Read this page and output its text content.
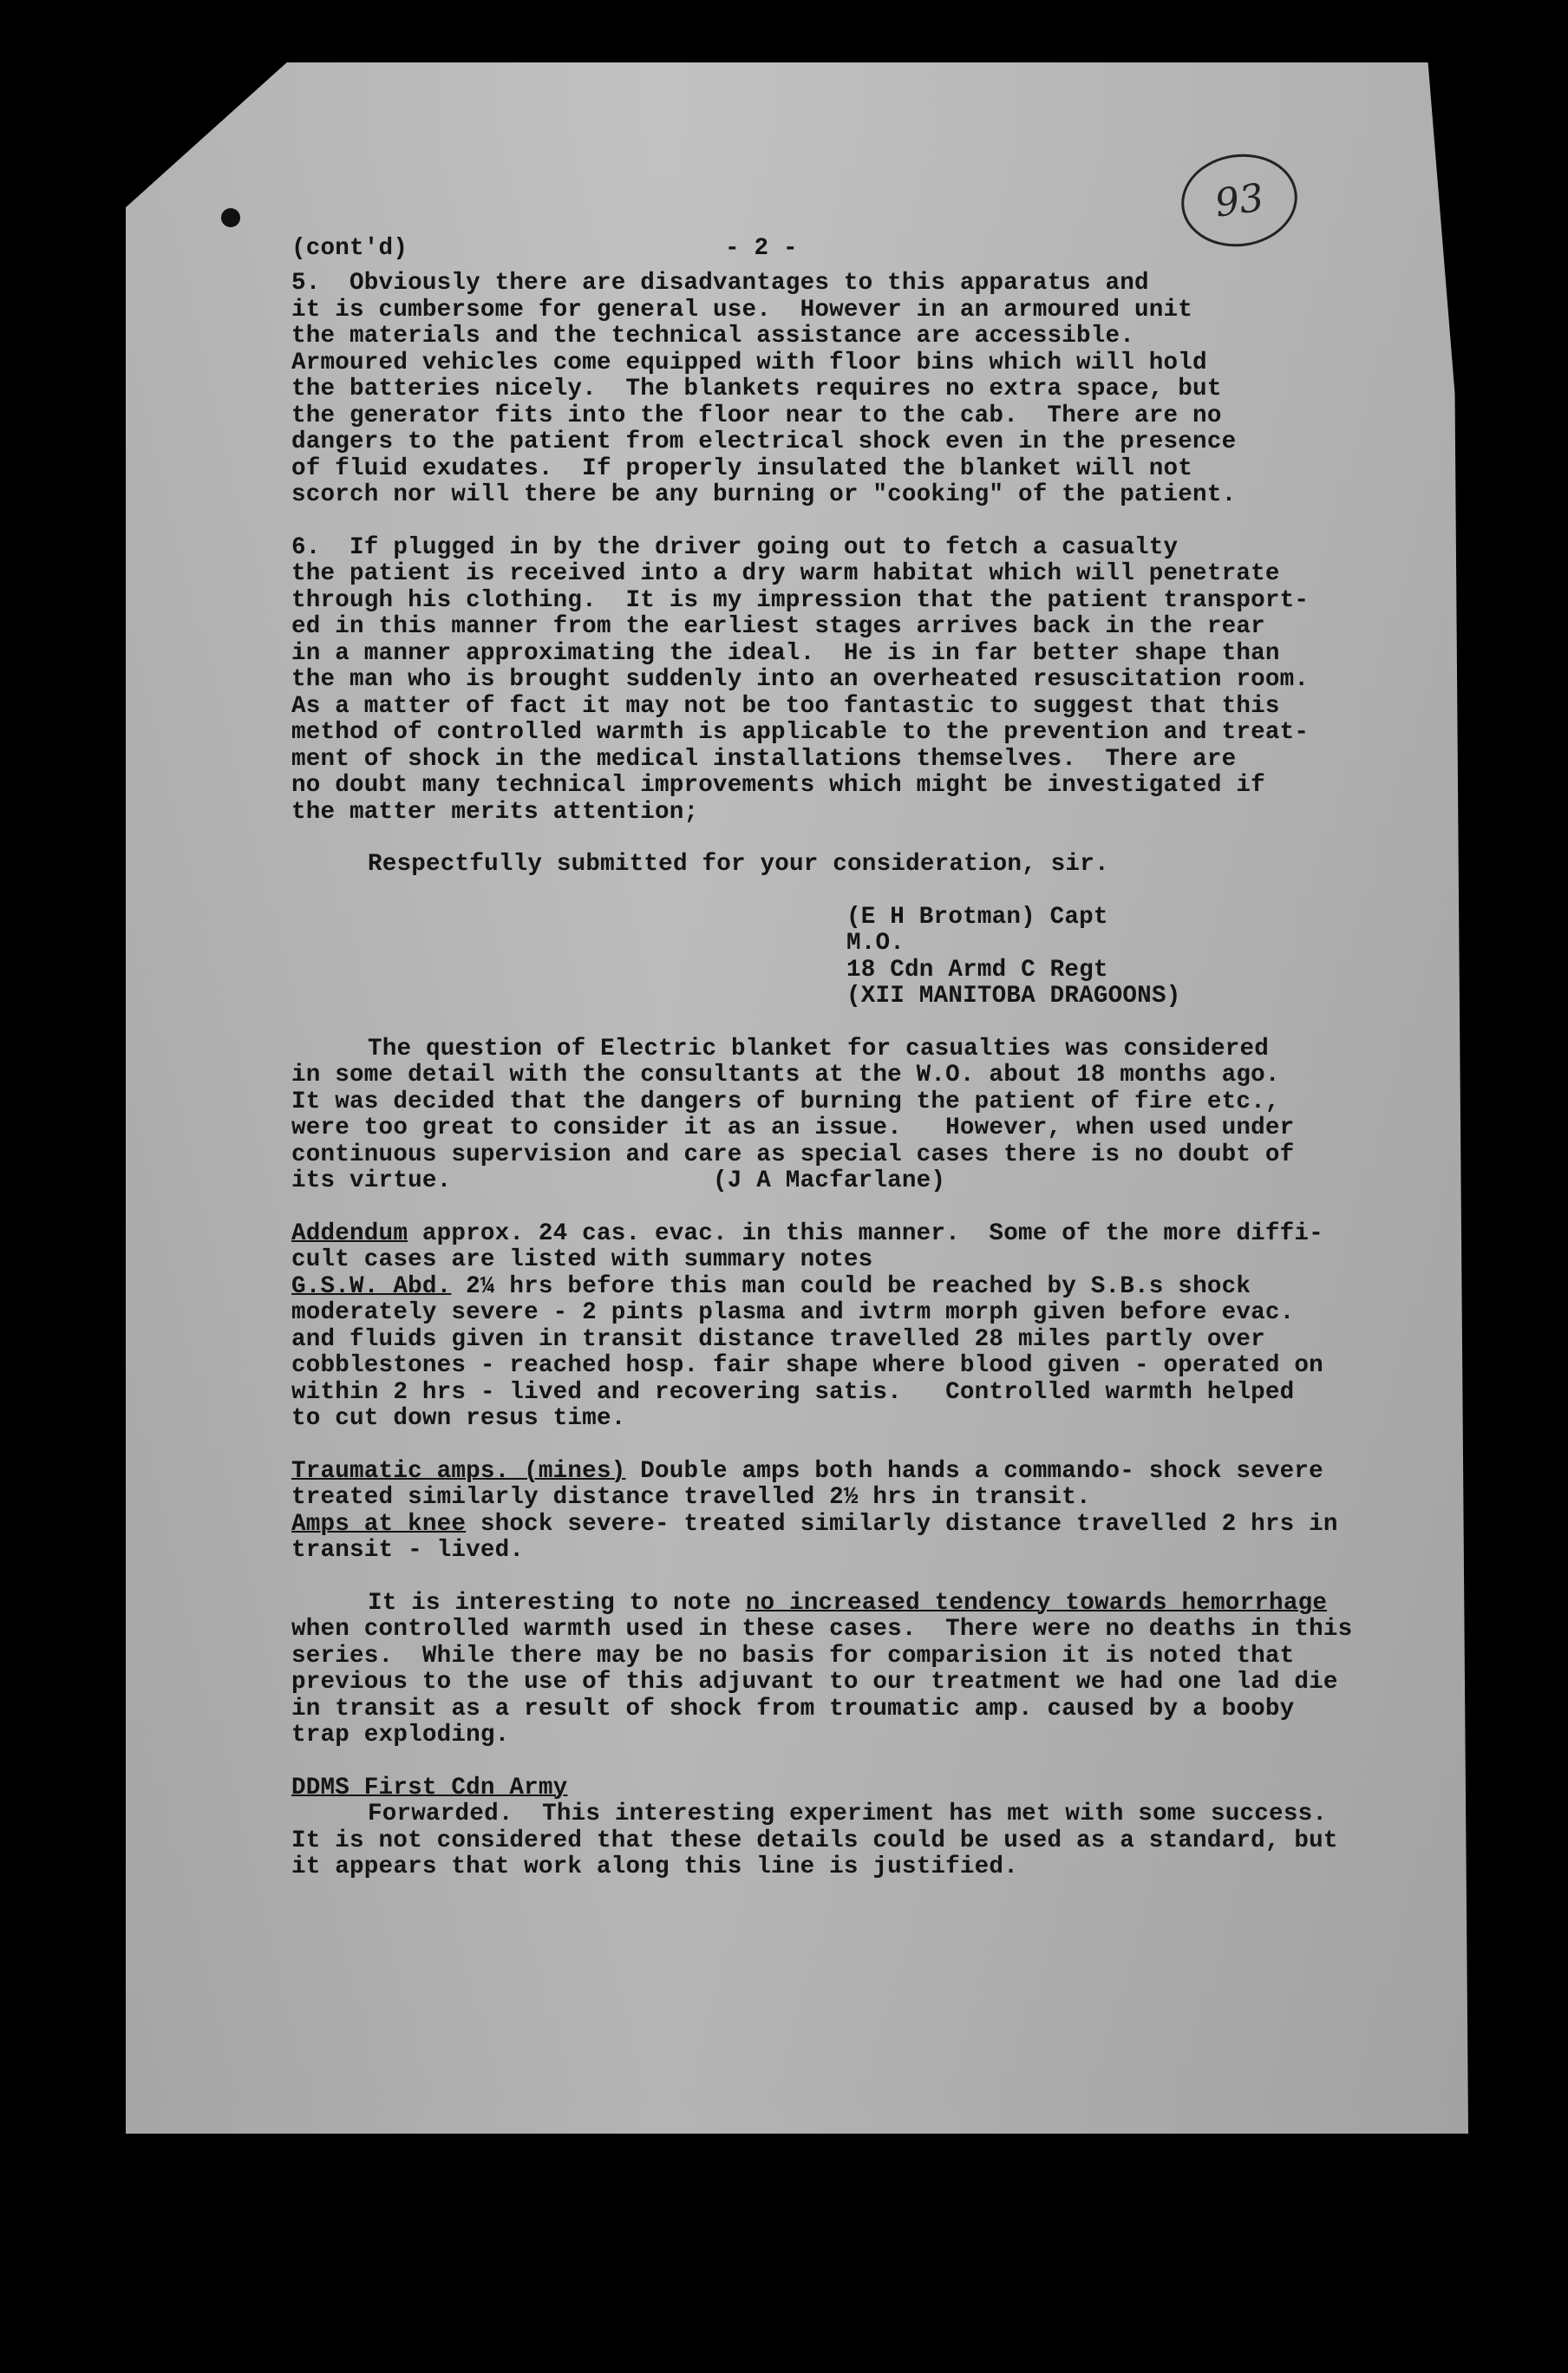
93

(cont'd)

	- 2 -

5.  Obviously there are disadvantages to this apparatus and
it is cumbersome for general use.  However in an armoured unit
the materials and the technical assistance are accessible.
Armoured vehicles come equipped with floor bins which will hold
the batteries nicely.  The blankets requires no extra space, but
the generator fits into the floor near to the cab.  There are no
dangers to the patient from electrical shock even in the presence
of fluid exudates.  If properly insulated the blanket will not
scorch nor will there be any burning or "cooking" of the patient.
6.  If plugged in by the driver going out to fetch a casualty
the patient is received into a dry warm habitat which will penetrate
through his clothing.  It is my impression that the patient transport-
ed in this manner from the earliest stages arrives back in the rear
in a manner approximating the ideal.  He is in far better shape than
the man who is brought suddenly into an overheated resuscitation room.
As a matter of fact it may not be too fantastic to suggest that this
method of controlled warmth is applicable to the prevention and treat-
ment of shock in the medical installations themselves.  There are
no doubt many technical improvements which might be investigated if
the matter merits attention;
Respectfully submitted for your consideration, sir.
(E H Brotman) Capt
M.O.
18 Cdn Armd C Regt
(XII MANITOBA DRAGOONS)
The question of Electric blanket for casualties was considered
in some detail with the consultants at the W.O. about 18 months ago.
It was decided that the dangers of burning the patient of fire etc.,
were too great to consider it as an issue.   However, when used under
continuous supervision and care as special cases there is no doubt of
its virtue.                  (J A Macfarlane)
Addendum approx. 24 cas. evac. in this manner.  Some of the more diffi-
cult cases are listed with summary notes
G.S.W. Abd. 2¼ hrs before this man could be reached by S.B.s shock
moderately severe - 2 pints plasma and ivtrm morph given before evac.
and fluids given in transit distance travelled 28 miles partly over
cobblestones - reached hosp. fair shape where blood given - operated on
within 2 hrs - lived and recovering satis.   Controlled warmth helped
to cut down resus time.
Traumatic amps. (mines) Double amps both hands a commando- shock severe
treated similarly distance travelled 2½ hrs in transit.
Amps at knee shock severe- treated similarly distance travelled 2 hrs in
transit - lived.
It is interesting to note no increased tendency towards hemorrhage
when controlled warmth used in these cases.  There were no deaths in this
series.  While there may be no basis for comparision it is noted that
previous to the use of this adjuvant to our treatment we had one lad die
in transit as a result of shock from troumatic amp. caused by a booby
trap exploding.
DDMS First Cdn Army
Forwarded.  This interesting experiment has met with some success.
It is not considered that these details could be used as a standard, but
it appears that work along this line is justified.
